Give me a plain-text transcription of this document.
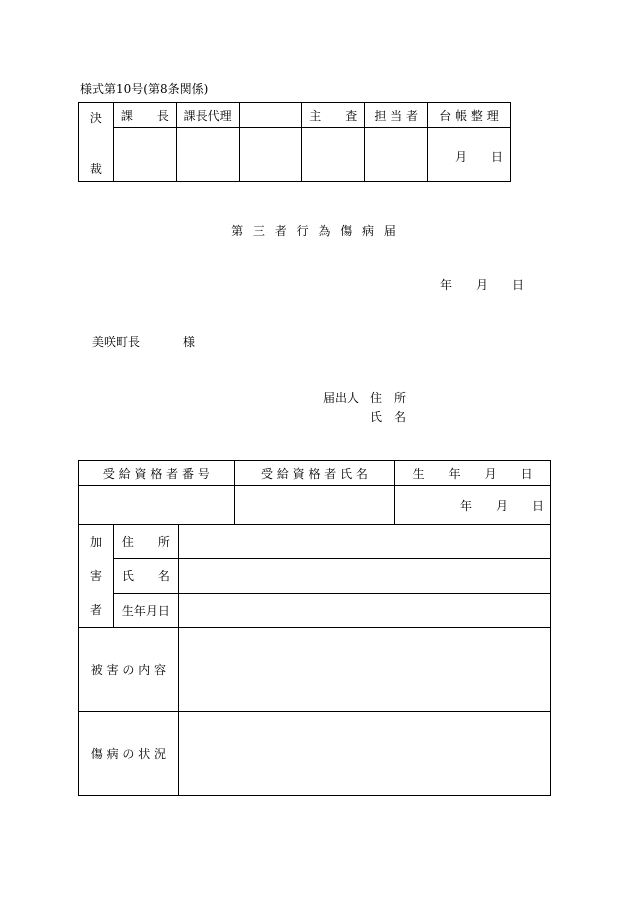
様式第10号(第8条関係)
決
裁	課　　長	課長代理		主　　査	担 当 者	台 帳 整 理
						月　　日
第 三 者 行 為 傷 病 届
年　　月　　日
美咲町長	様
届出人 住　所
氏　名
受 給 資 格 者 番 号			受 給 資 格 者 氏 名	生　　年　　月　　日
				年　　月　　日

加
害
者	住　　所			
	氏　　名			
	生年月日			
被 害 の 内 容				
傷 病 の 状 況				
